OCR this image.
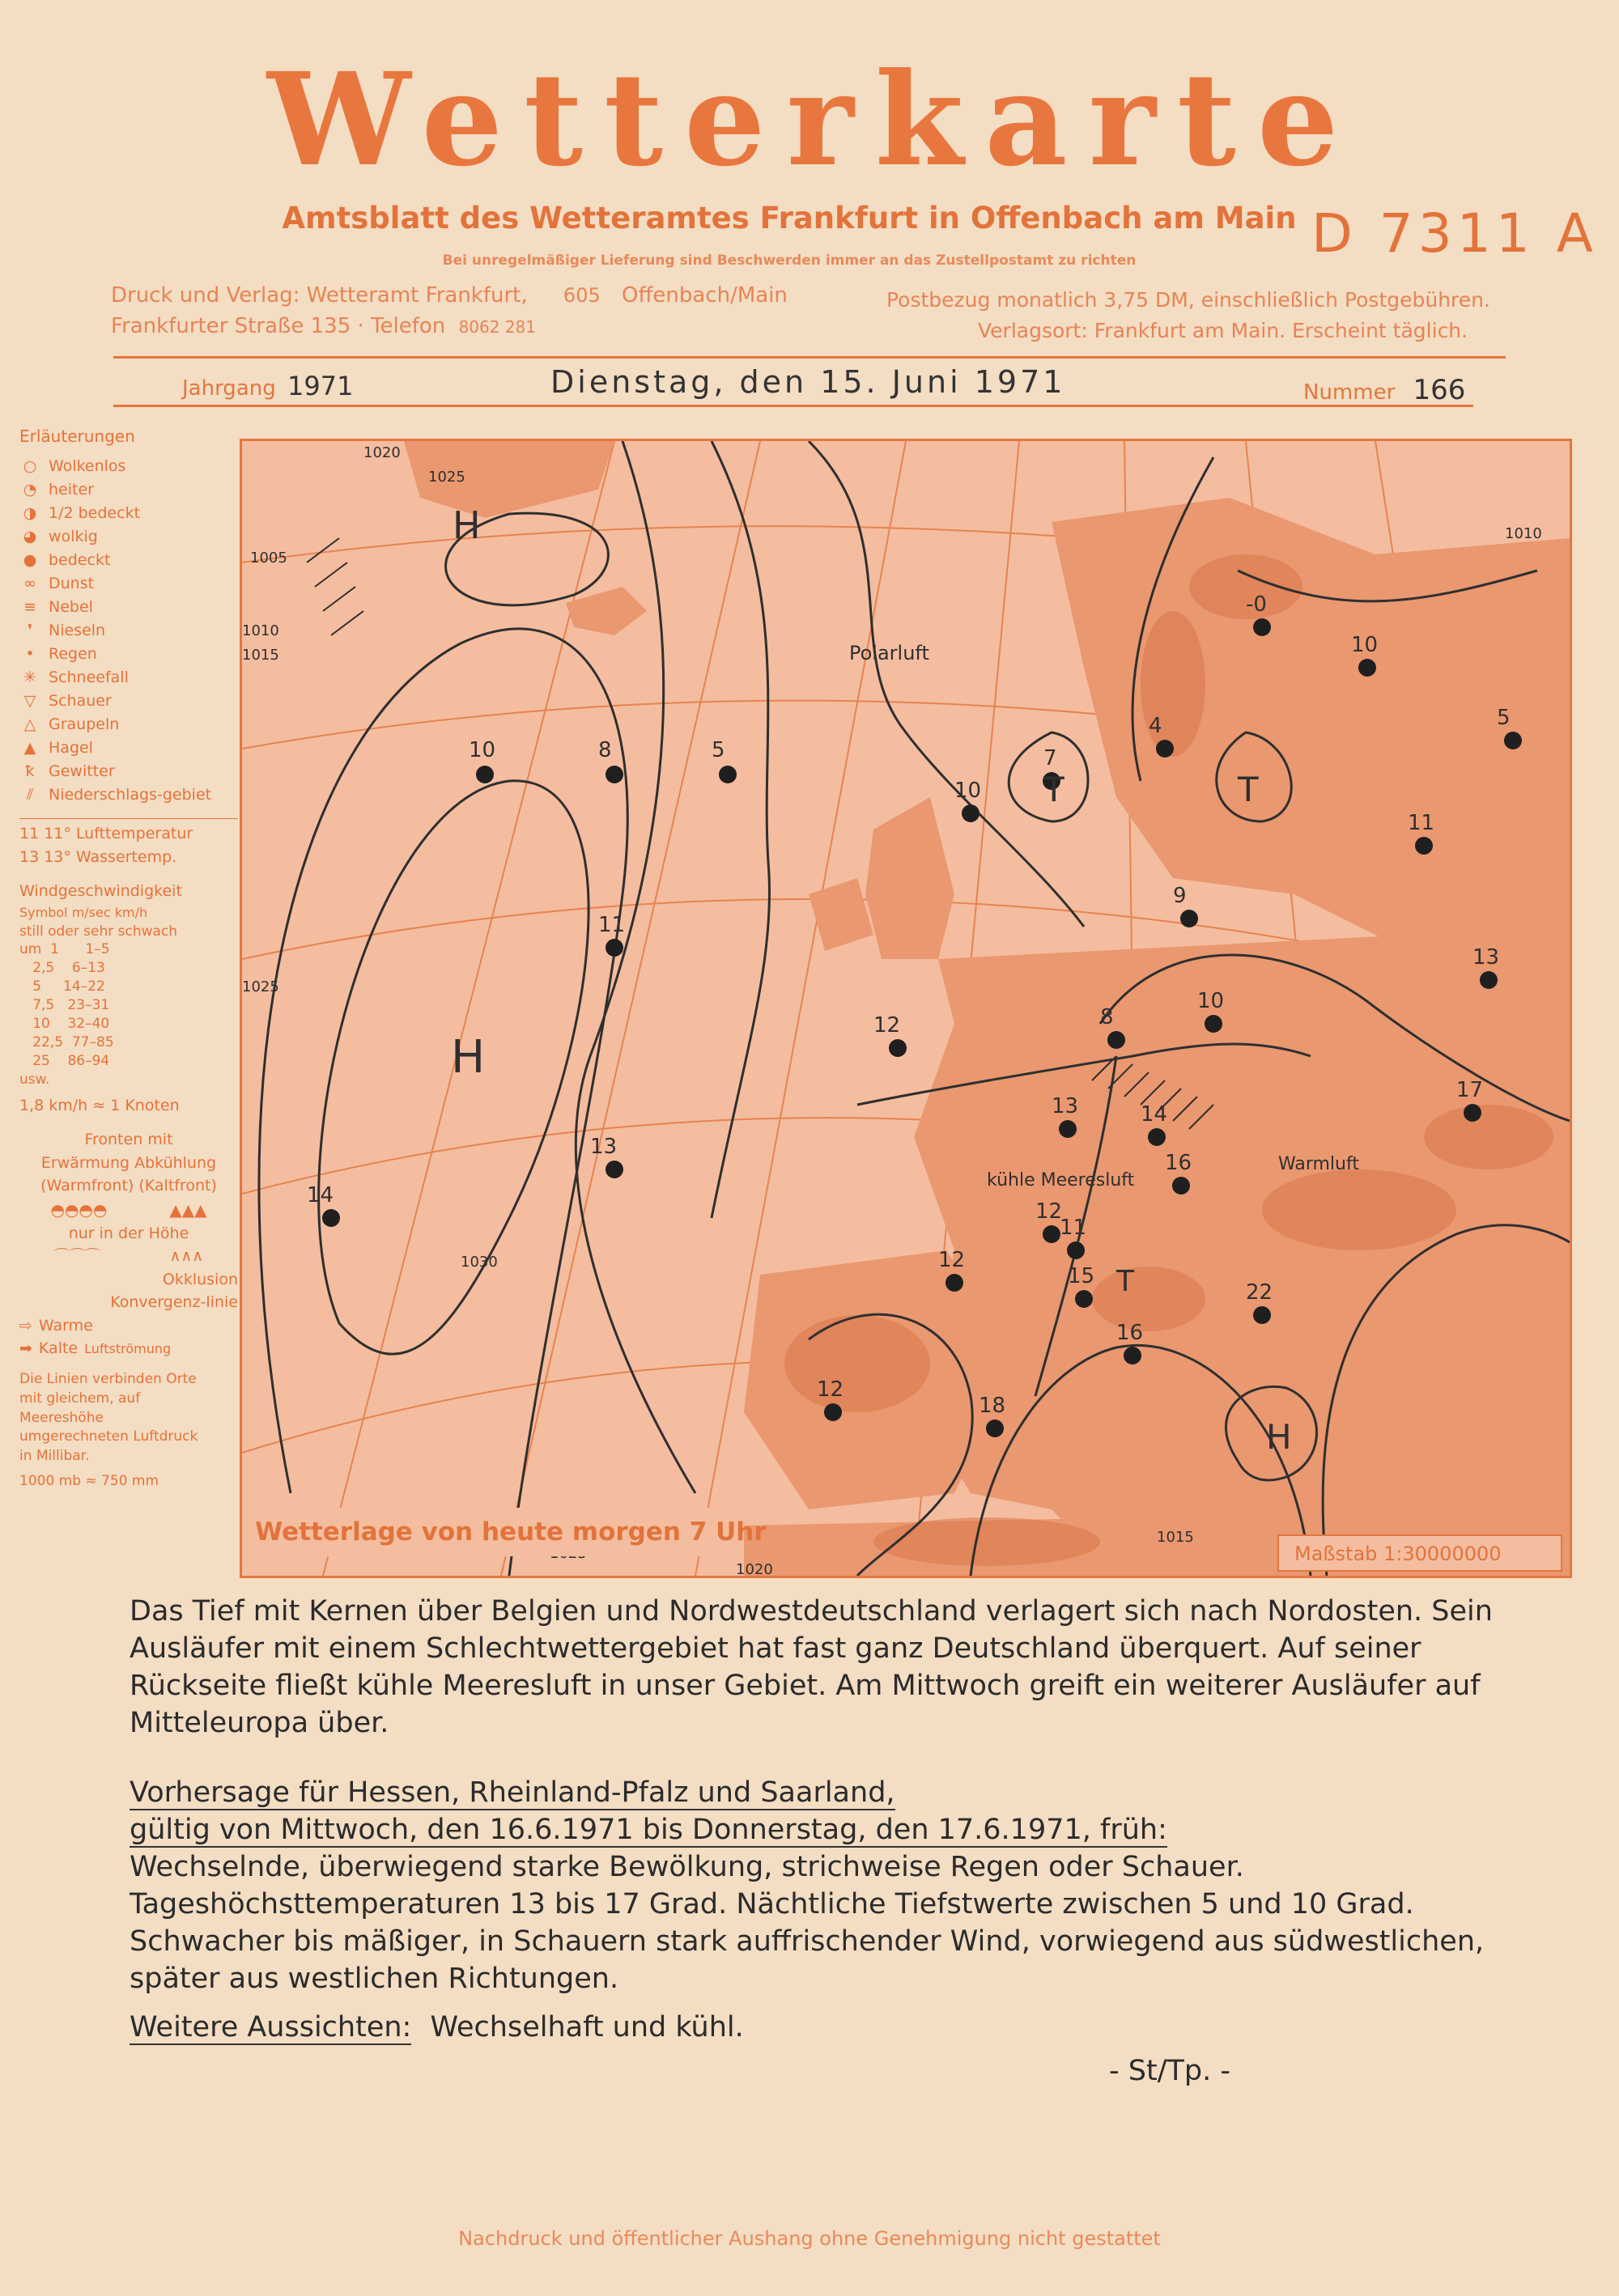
Wetterkarte
Amtsblatt des Wetteramtes Frankfurt in Offenbach am Main D 7311 A
Bei unregelmäßiger Lieferung sind Beschwerden immer an das Zustellpostamt zu richten
Druck und Verlag: Wetteramt Frankfurt, 605 Offenbach/Main
Frankfurter Straße 135 · Telefon 8062 281
Postbezug monatlich 3,75 DM, einschließlich Postgebühren.
Verlagsort: Frankfurt am Main. Erscheint täglich.
Jahrgang 1971	Dienstag, den 15. Juni 1971	Nummer 166
Erläuterungen
○ Wolkenlos
◔ heiter
◑ 1/2 bedeckt
◕ wolkig
● bedeckt
∞ Dunst
≡ Nebel
❜	Nieseln
• Regen
✳ Schneefall
▽ Schauer
△ Graupeln
▲ Hagel
ꝁ Gewitter
⫽ Niederschlags-gebiet
11 11° Lufttemperatur
13 13° Wassertemp.
Windgeschwindigkeit
Symbol m/sec km/h
still oder sehr schwach
um  1      1–5
2,5    6–13
5     14–22
7,5   23–31
10    32–40
22,5  77–85
25    86–94
usw.
1,8 km/h ≈ 1 Knoten
Fronten mit
Erwärmung Abkühlung
(Warmfront) (Kaltfront)
◓◓◓◓	▲▲▲
nur in der Höhe
⌒⌒⌒	∧∧∧
Okklusion
Konvergenz-linie
⇨ Warme
➡ Kalte Luftströmung
Die Linien verbinden Orte mit gleichem, auf Meereshöhe umgerechneten Luftdruck in Millibar.
1000 mb ≈ 750 mm
10	8	5
14
11
13
12
10
7
4
-0
10
5
11
9
8
10
13	14
16
12
15
12
13
17
16
22
18
12
11
1020
1025
1005
1010
1015
1025
1030
1015
1010
1020
H
H
H
T	T
T
Polarluft
kühle Meeresluft
Warmluft
Wetterlage von heute morgen 7 Uhr
Maßstab 1:30000000
Das Tief mit Kernen über Belgien und Nordwestdeutschland verlagert sich nach Nordosten. Sein Ausläufer mit einem Schlechtwettergebiet hat fast ganz Deutschland überquert. Auf seiner Rückseite fließt kühle Meeresluft in unser Gebiet. Am Mittwoch greift ein weiterer Ausläufer auf Mitteleuropa über.
Vorhersage für Hessen, Rheinland-Pfalz und Saarland,
gültig von Mittwoch, den 16.6.1971 bis Donnerstag, den 17.6.1971, früh:
Wechselnde, überwiegend starke Bewölkung, strichweise Regen oder Schauer. Tageshöchsttemperaturen 13 bis 17 Grad. Nächtliche Tiefstwerte zwischen 5 und 10 Grad. Schwacher bis mäßiger, in Schauern stark auffrischender Wind, vorwiegend aus südwestlichen, später aus westlichen Richtungen.
Weitere Aussichten: Wechselhaft und kühl.
- St/Tp. -
Nachdruck und öffentlicher Aushang ohne Genehmigung nicht gestattet
